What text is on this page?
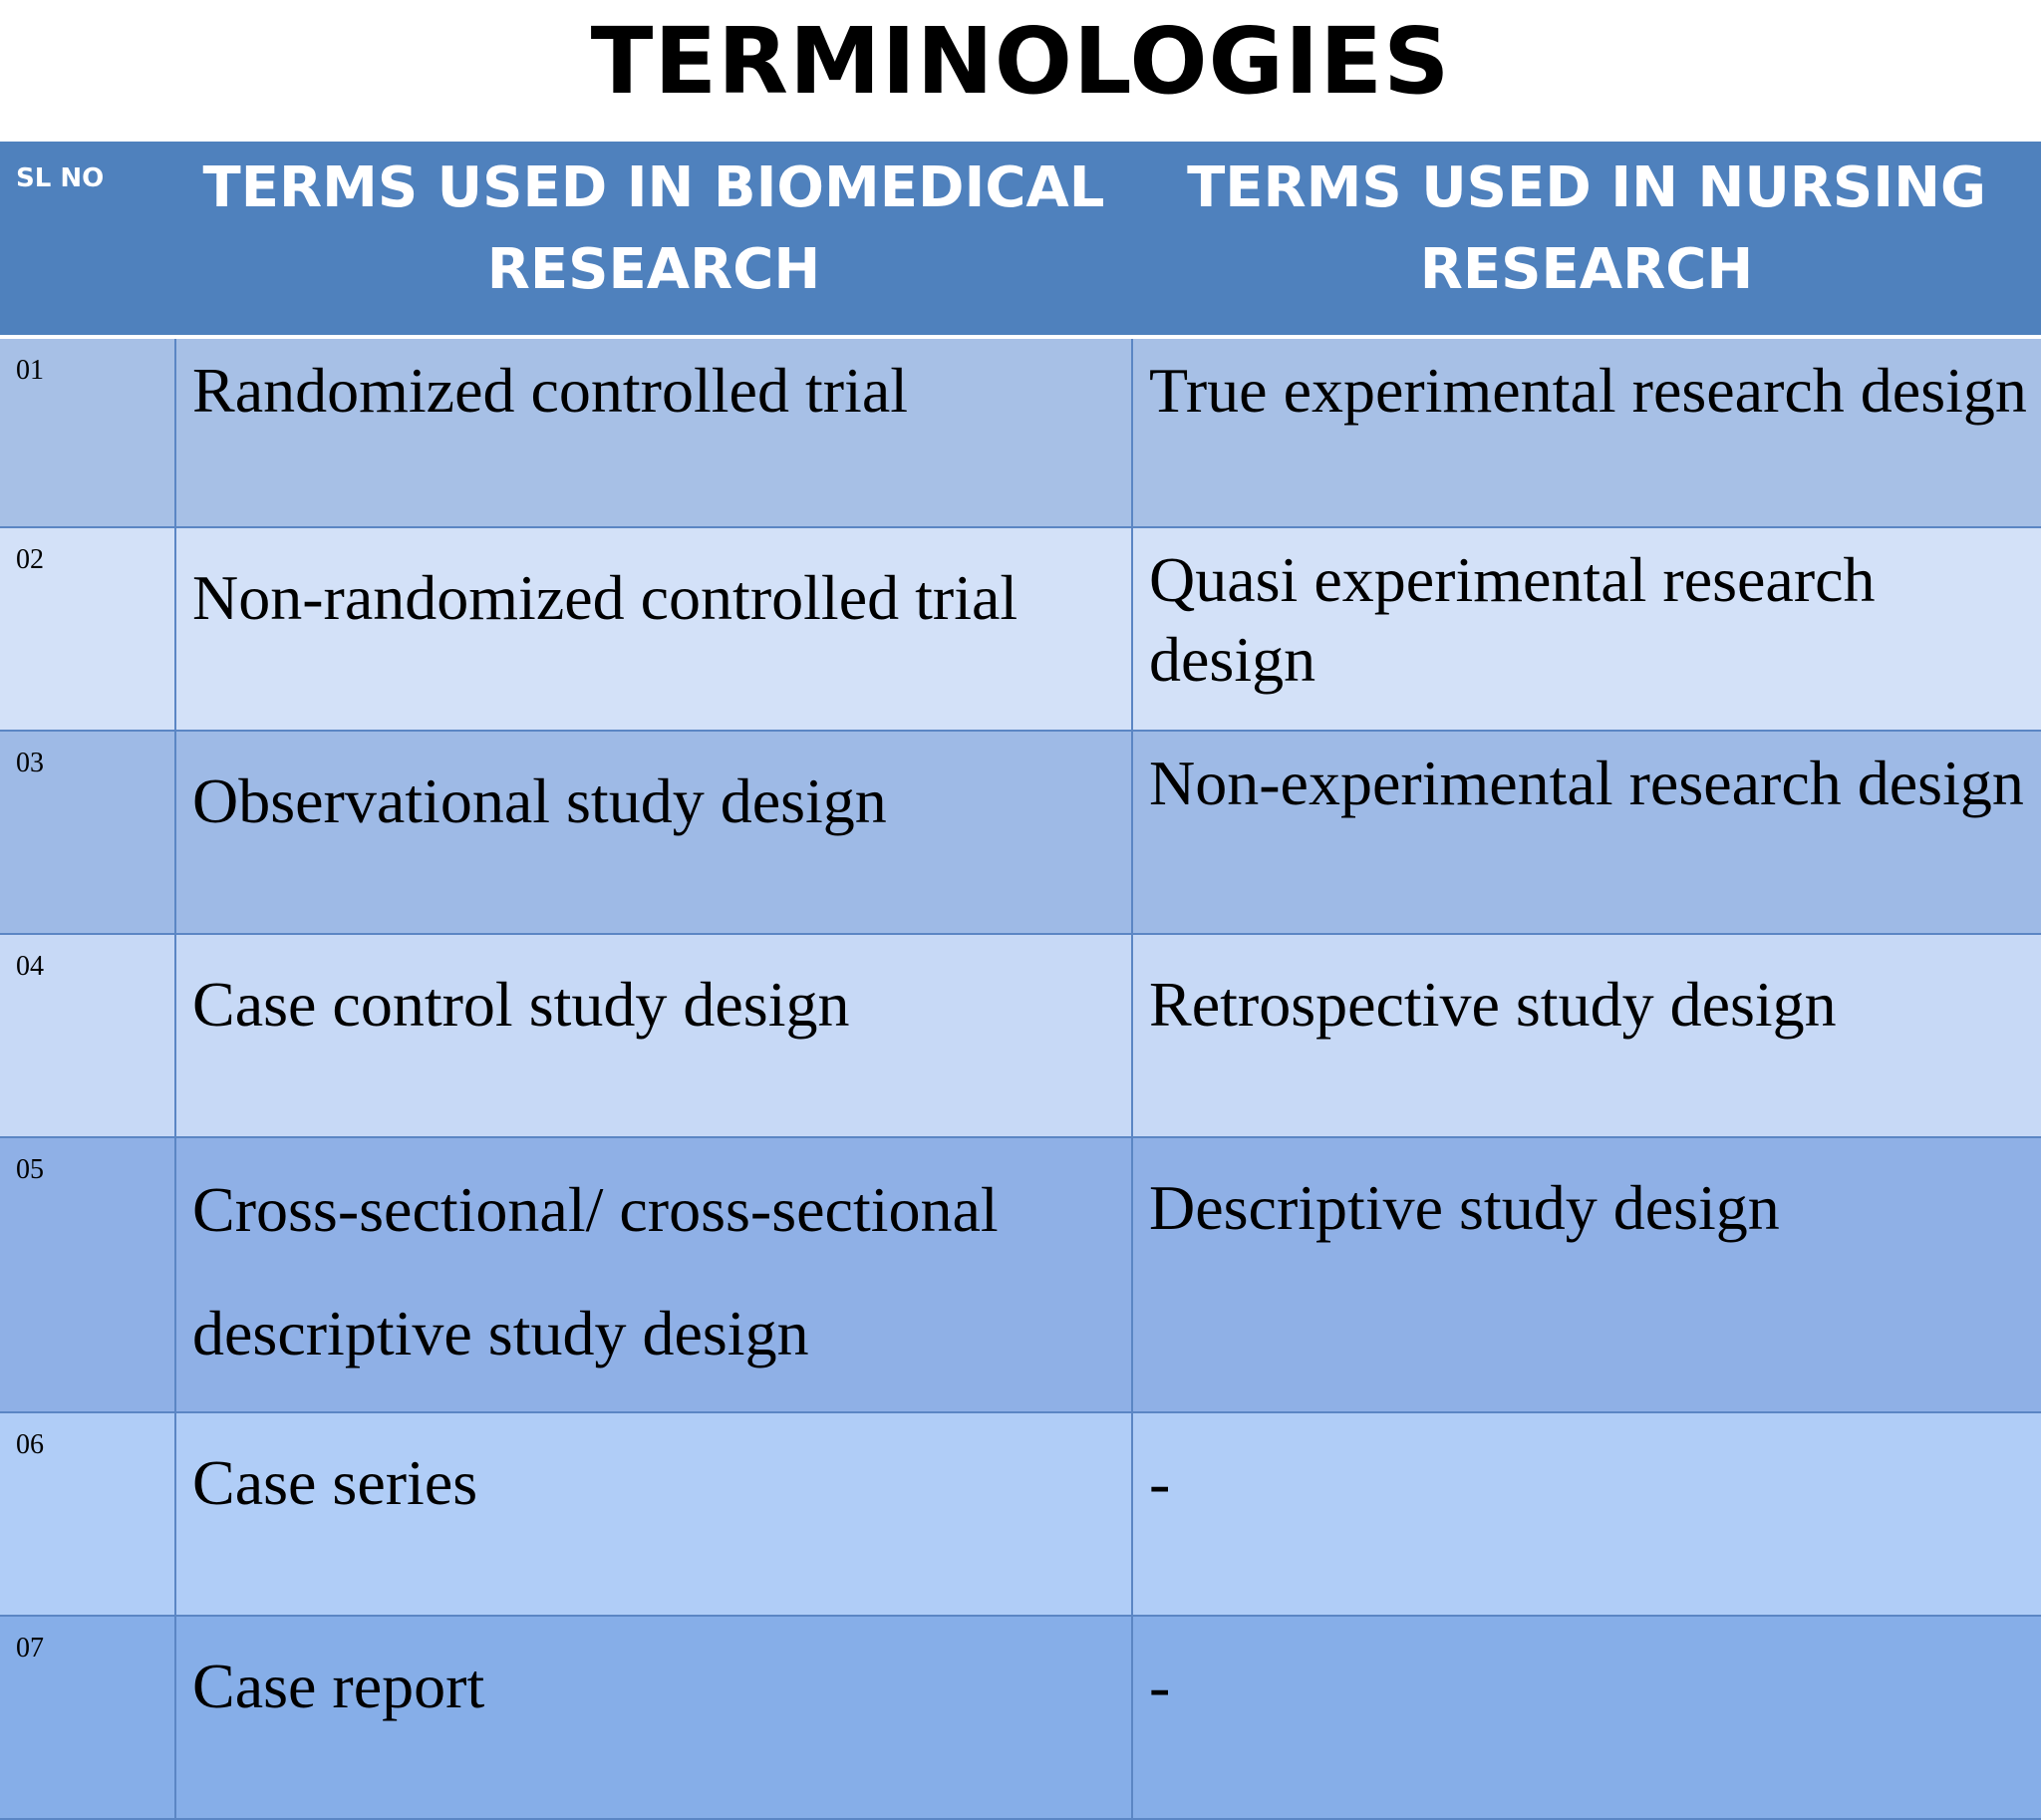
TERMINOLOGIES
SL NO	TERMS USED IN BIOMEDICAL RESEARCH	TERMS USED IN NURSING RESEARCH
01	Randomized controlled trial	True experimental research design
02	Non-randomized controlled trial	Quasi experimental research design
03	Observational study design	Non-experimental research design
04	Case control study design	Retrospective study design
05	Cross-sectional/ cross-sectional descriptive study design	Descriptive study design
06	Case series	-
07	Case report	-
